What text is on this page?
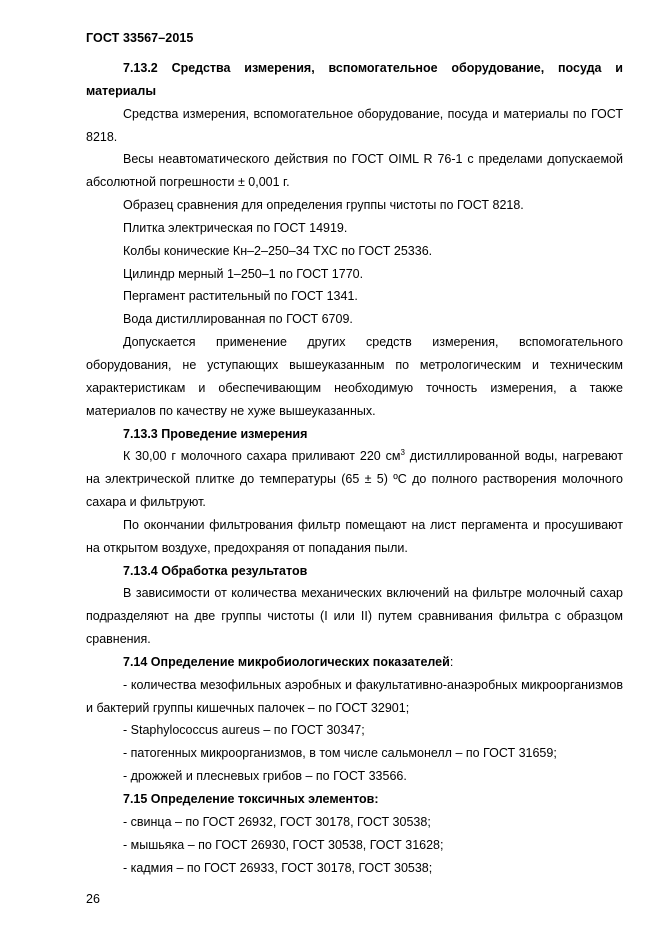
ГОСТ 33567–2015

7.13.2 Средства измерения, вспомогательное оборудование, посуда и материалы

Средства измерения, вспомогательное оборудование, посуда и материалы по ГОСТ 8218.

Весы неавтоматического действия по ГОСТ OIML R 76-1 с пределами допускаемой абсолютной погрешности ± 0,001 г.

Образец сравнения для определения группы чистоты по ГОСТ 8218.

Плитка электрическая по ГОСТ 14919.

Колбы конические Кн–2–250–34 ТХС по ГОСТ 25336.

Цилиндр мерный 1–250–1 по ГОСТ 1770.

Пергамент растительный по ГОСТ 1341.

Вода дистиллированная по ГОСТ 6709.

Допускается применение других средств измерения, вспомогательного оборудования, не уступающих вышеуказанным по метрологическим и техническим характеристикам и обеспечивающим необходимую точность измерения, а также материалов по качеству не хуже вышеуказанных.

7.13.3 Проведение измерения

К 30,00 г молочного сахара приливают 220 $см^3$ дистиллированной воды, нагревают на электрической плитке до температуры (65 ± 5) ºС до полного растворения молочного сахара и фильтруют.

По окончании фильтрования фильтр помещают на лист пергамента и просушивают на открытом воздухе, предохраняя от попадания пыли.

7.13.4 Обработка результатов

В зависимости от количества механических включений на фильтре молочный сахар подразделяют на две группы чистоты (I или II) путем сравнивания фильтра с образцом сравнения.

7.14 Определение микробиологических показателей:

- количества мезофильных аэробных и факультативно-анаэробных микроорганизмов и бактерий группы кишечных палочек – по ГОСТ 32901;

- Staphylococcus aureus – по ГОСТ 30347;

- патогенных микроорганизмов, в том числе сальмонелл – по ГОСТ 31659;

- дрожжей и плесневых грибов – по ГОСТ 33566.

7.15 Определение токсичных элементов:

- свинца – по ГОСТ 26932, ГОСТ 30178, ГОСТ 30538;

- мышьяка – по ГОСТ 26930, ГОСТ 30538, ГОСТ 31628;

- кадмия – по ГОСТ 26933, ГОСТ 30178, ГОСТ 30538;

26
